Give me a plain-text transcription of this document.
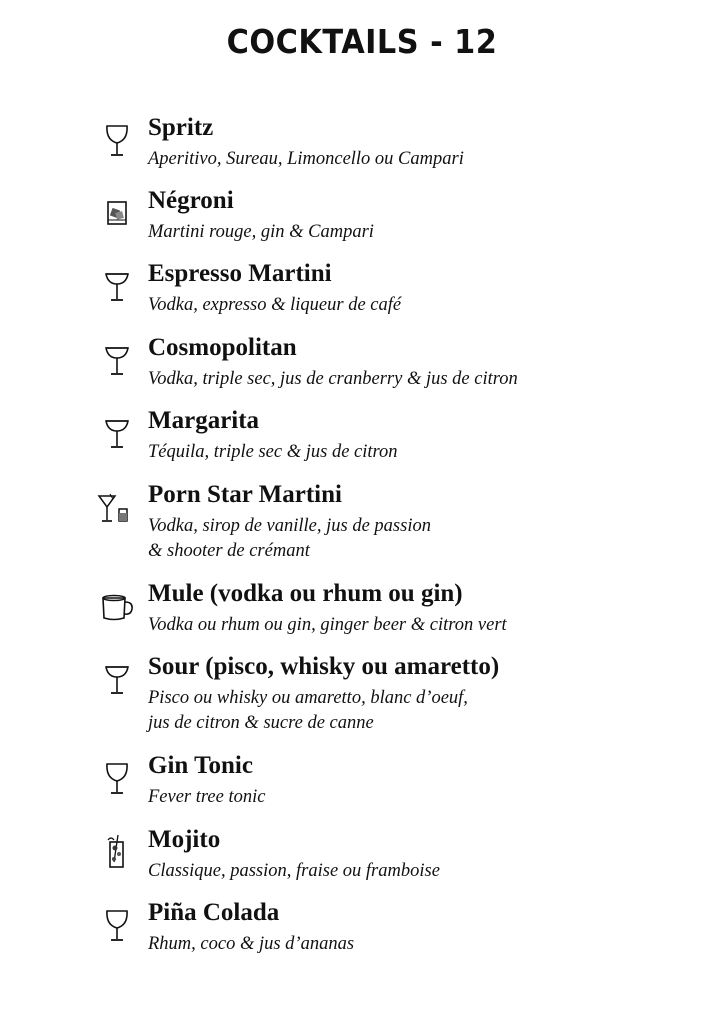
COCKTAILS - 12
Spritz
Aperitivo, Sureau, Limoncello ou Campari
Négroni
Martini rouge, gin & Campari
Espresso Martini
Vodka, expresso & liqueur de café
Cosmopolitan
Vodka, triple sec, jus de cranberry & jus de citron
Margarita
Téquila, triple sec & jus de citron
Porn Star Martini
Vodka, sirop de vanille, jus de passion
& shooter de crémant
Mule (vodka ou rhum ou gin)
Vodka ou rhum ou gin, ginger beer & citron vert
Sour (pisco, whisky ou amaretto)
Pisco ou whisky ou amaretto, blanc d’oeuf,
jus de citron & sucre de canne
Gin Tonic
Fever tree tonic
Mojito
Classique, passion, fraise ou framboise
Piña Colada
Rhum, coco & jus d’ananas
